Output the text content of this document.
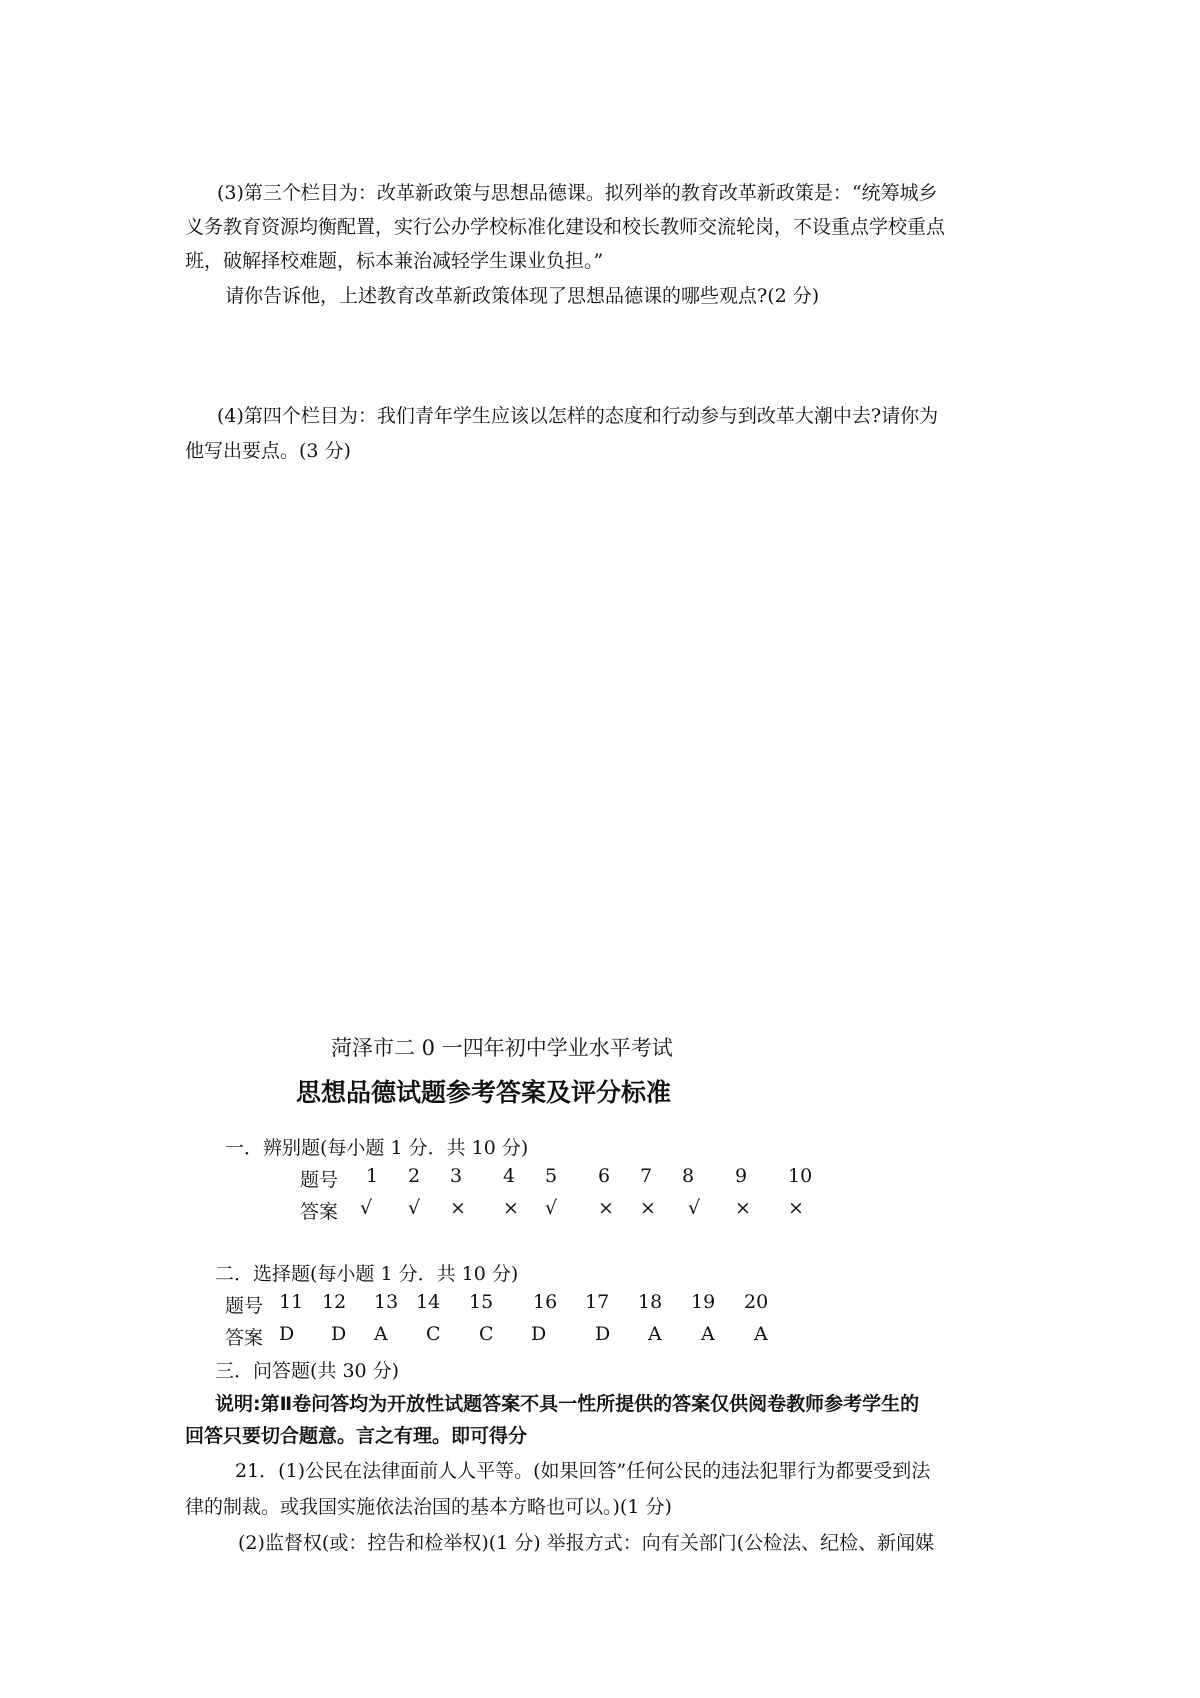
(3)第三个栏目为：改革新政策与思想品德课。拟列举的教育改革新政策是：“统筹城乡
义务教育资源均衡配置，实行公办学校标准化建设和校长教师交流轮岗，不设重点学校重点
班，破解择校难题，标本兼治减轻学生课业负担。”
请你告诉他，上述教育改革新政策体现了思想品德课的哪些观点?(2 分)
(4)第四个栏目为：我们青年学生应该以怎样的态度和行动参与到改革大潮中去?请你为
他写出要点。(3 分)
菏泽市二 0 一四年初中学业水平考试
思想品德试题参考答案及评分标准
一．辨别题(每小题 1 分．共 10 分)
题号 1 2 3 4 5 6 7 8 9 10
答案 √ √ × × √ × × √ × ×
二．选择题(每小题 1 分．共 10 分)
题号 11 12 13 14 15 16 17 18 19 20
答案 D D A C C D	D A A A
三．问答题(共 30 分)
说明:第Ⅱ卷问答均为开放性试题答案不具一性所提供的答案仅供阅卷教师参考学生的
回答只要切合题意。言之有理。即可得分
21．(1)公民在法律面前人人平等。(如果回答”任何公民的违法犯罪行为都要受到法
律的制裁。或我国实施依法治国的基本方略也可以。)(1 分)
(2)监督权(或：控告和检举权)(1 分) 举报方式：向有关部门(公检法、纪检、新闻媒
